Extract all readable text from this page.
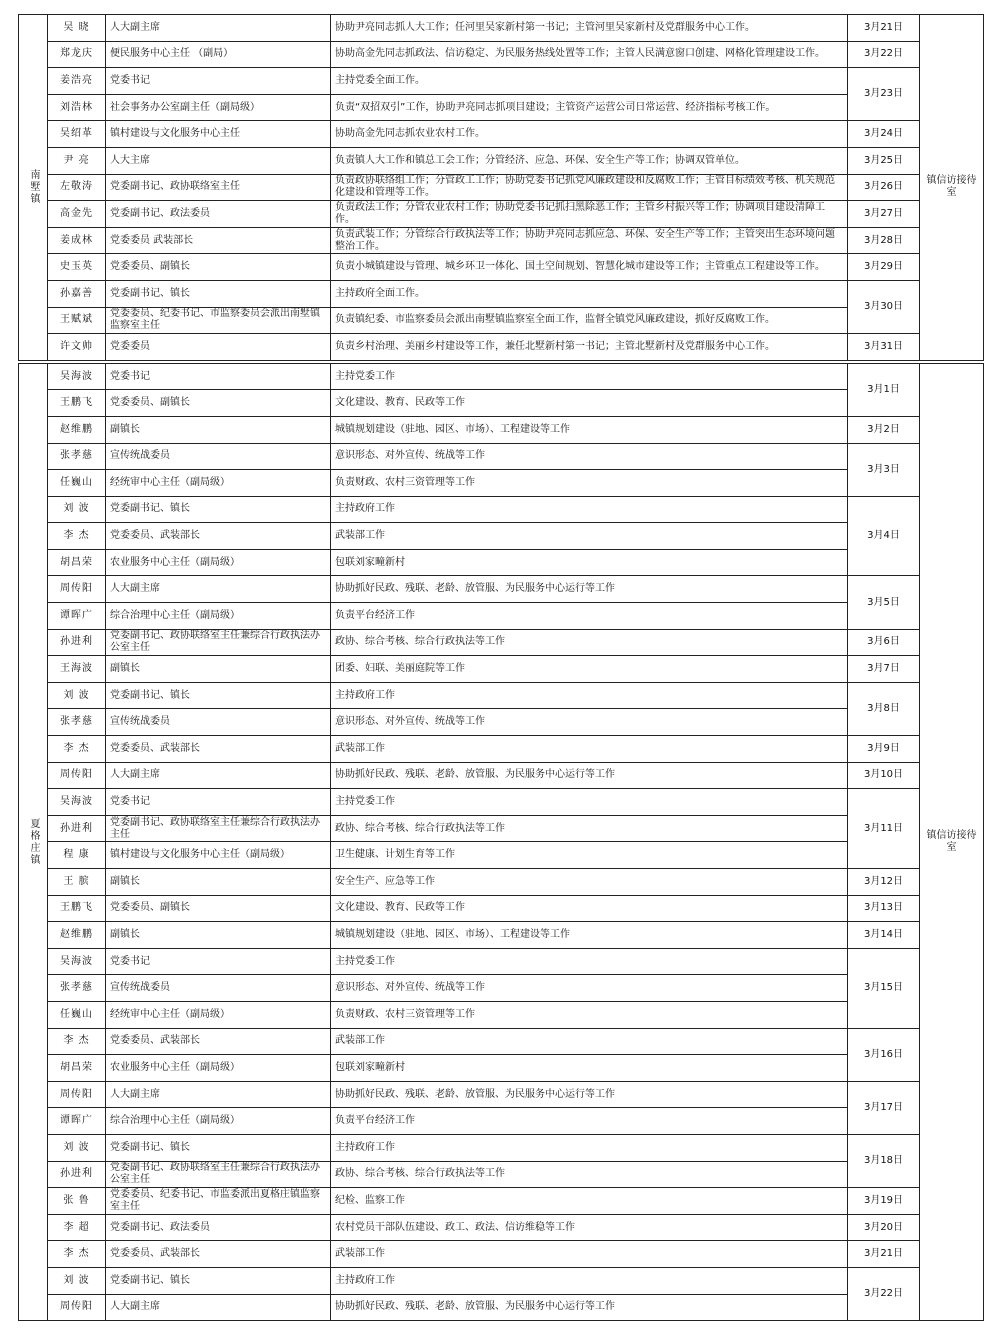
南墅镇	吴 晓	人大副主席	协助尹亮同志抓人大工作；任河里吴家新村第一书记；主管河里吴家新村及党群服务中心工作。	3月21日	镇信访接待室
	郑龙庆	便民服务中心主任 （副局）	协助高金先同志抓政法、信访稳定、为民服务热线处置等工作；主管人民满意窗口创建、网格化管理建设工作。	3月22日	
	姜浩亮	党委书记	主持党委全面工作。	3月23日	
	刘浩林	社会事务办公室副主任（副局级）	负责“双招双引”工作，协助尹亮同志抓项目建设；主管资产运营公司日常运营、经济指标考核工作。		
	吴绍革	镇村建设与文化服务中心主任	协助高金先同志抓农业农村工作。	3月24日	
	尹 亮	人大主席	负责镇人大工作和镇总工会工作；分管经济、应急、环保、安全生产等工作；协调双管单位。	3月25日	
	左敬涛	党委副书记、政协联络室主任	负责政协联络组工作；分管政工工作；协助党委书记抓党风廉政建设和反腐败工作；主管目标绩效考核、机关规范化建设和管理等工作。	3月26日	
	高金先	党委副书记、政法委员	负责政法工作；分管农业农村工作；协助党委书记抓扫黑除恶工作；主管乡村振兴等工作；协调项目建设清障工作。	3月27日	
	姜成林	党委委员 武装部长	负责武装工作；分管综合行政执法等工作；协助尹亮同志抓应急、环保、安全生产等工作；主管突出生态环境问题整治工作。	3月28日	
	史玉英	党委委员、副镇长	负责小城镇建设与管理、城乡环卫一体化、国土空间规划、智慧化城市建设等工作；主管重点工程建设等工作。	3月29日	
	孙嘉善	党委副书记、镇长	主持政府全面工作。	3月30日	
	王赋斌	党委委员、纪委书记、市监察委员会派出南墅镇监察室主任	负责镇纪委、市监察委员会派出南墅镇监察室全面工作，监督全镇党风廉政建设，抓好反腐败工作。		
	许文帅	党委委员	负责乡村治理、美丽乡村建设等工作，兼任北墅新村第一书记；主管北墅新村及党群服务中心工作。	3月31日	

夏格庄镇	吴海波	党委书记	主持党委工作	3月1日	镇信访接待室
	王鹏飞	党委委员、副镇长	文化建设、教育、民政等工作		
	赵维鹏	副镇长	城镇规划建设（驻地、园区、市场）、工程建设等工作	3月2日	
	张孝慈	宣传统战委员	意识形态、对外宣传、统战等工作	3月3日	
	任巍山	经统审中心主任（副局级）	负责财政、农村三资管理等工作		
	刘 波	党委副书记、镇长	主持政府工作	3月4日	
	李 杰	党委委员、武装部长	武装部工作		
	胡昌荣	农业服务中心主任（副局级）	包联刘家疃新村		
	周传阳	人大副主席	协助抓好民政、残联、老龄、放管服、为民服务中心运行等工作	3月5日	
	谭晖广	综合治理中心主任（副局级）	负责平台经济工作		
	孙进利	党委副书记、政协联络室主任兼综合行政执法办公室主任	政协、综合考核、综合行政执法等工作	3月6日	
	王海波	副镇长	团委、妇联、美丽庭院等工作	3月7日	
	刘 波	党委副书记、镇长	主持政府工作	3月8日	
	张孝慈	宣传统战委员	意识形态、对外宣传、统战等工作		
	李 杰	党委委员、武装部长	武装部工作	3月9日	
	周传阳	人大副主席	协助抓好民政、残联、老龄、放管服、为民服务中心运行等工作	3月10日	
	吴海波	党委书记	主持党委工作	3月11日	
	孙进利	党委副书记、政协联络室主任兼综合行政执法办主任	政协、综合考核、综合行政执法等工作		
	程 康	镇村建设与文化服务中心主任（副局级）	卫生健康、计划生育等工作		
	王 膑	副镇长	安全生产、应急等工作	3月12日	
	王鹏飞	党委委员、副镇长	文化建设、教育、民政等工作	3月13日	
	赵维鹏	副镇长	城镇规划建设（驻地、园区、市场）、工程建设等工作	3月14日	
	吴海波	党委书记	主持党委工作	3月15日	
	张孝慈	宣传统战委员	意识形态、对外宣传、统战等工作		
	任巍山	经统审中心主任（副局级）	负责财政、农村三资管理等工作		
	李 杰	党委委员、武装部长	武装部工作	3月16日	
	胡昌荣	农业服务中心主任（副局级）	包联刘家疃新村		
	周传阳	人大副主席	协助抓好民政、残联、老龄、放管服、为民服务中心运行等工作	3月17日	
	谭晖广	综合治理中心主任（副局级）	负责平台经济工作		
	刘 波	党委副书记、镇长	主持政府工作	3月18日	
	孙进利	党委副书记、政协联络室主任兼综合行政执法办公室主任	政协、综合考核、综合行政执法等工作		
	张 鲁	党委委员、纪委书记、市监委派出夏格庄镇监察室主任	纪检、监察工作	3月19日	
	李 超	党委副书记、政法委员	农村党员干部队伍建设、政工、政法、信访维稳等工作	3月20日	
	李 杰	党委委员、武装部长	武装部工作	3月21日	
	刘 波	党委副书记、镇长	主持政府工作	3月22日	
	周传阳	人大副主席	协助抓好民政、残联、老龄、放管服、为民服务中心运行等工作		
